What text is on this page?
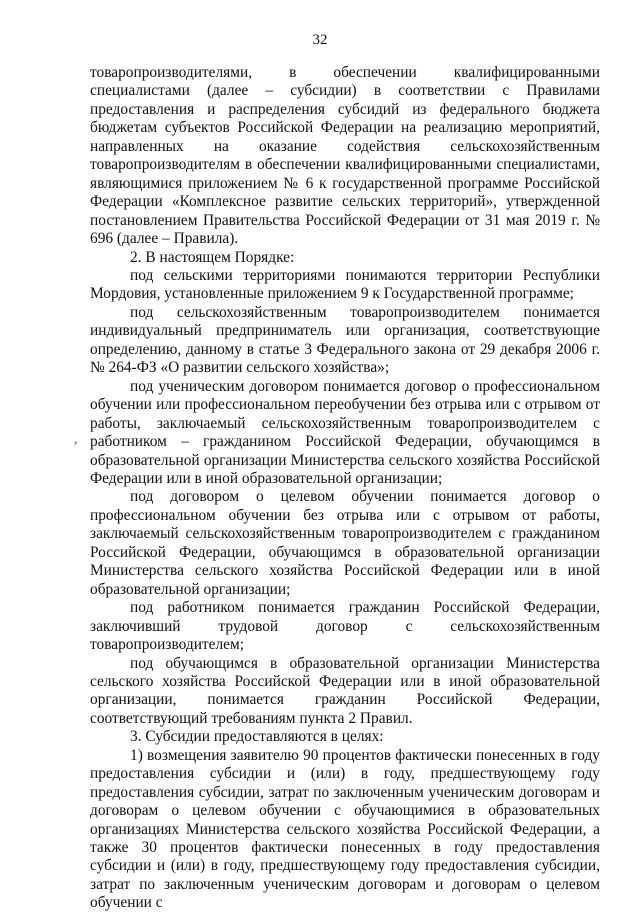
32
,

товаропроизводителями, в обеспечении квалифицированными специалистами (далее – субсидии) в соответствии с Правилами предоставления и распределения субсидий из федерального бюджета бюджетам субъектов Российской Федерации на реализацию мероприятий, направленных на оказание содействия сельскохозяйственным товаропроизводителям в обеспечении квалифицированными специалистами, являющимися приложением № 6 к государственной программе Российской Федерации «Комплексное развитие сельских территорий», утвержденной постановлением Правительства Российской Федерации от 31 мая 2019 г. № 696 (далее – Правила).

2. В настоящем Порядке:

под сельскими территориями понимаются территории Республики Мордовия, установленные приложением 9 к Государственной программе;

под сельскохозяйственным товаропроизводителем понимается индивидуальный предприниматель или организация, соответствующие определению, данному в статье 3 Федерального закона от 29 декабря 2006 г. № 264-ФЗ «О развитии сельского хозяйства»;

под ученическим договором понимается договор о профессиональном обучении или профессиональном переобучении без отрыва или с отрывом от работы, заключаемый сельскохозяйственным товаропроизводителем с работником – гражданином Российской Федерации, обучающимся в образовательной организации Министерства сельского хозяйства Российской Федерации или в иной образовательной организации;

под договором о целевом обучении понимается договор о профессиональном обучении без отрыва или с отрывом от работы, заключаемый сельскохозяйственным товаропроизводителем с гражданином Российской Федерации, обучающимся в образовательной организации Министерства сельского хозяйства Российской Федерации или в иной образовательной организации;

под работником понимается гражданин Российской Федерации, заключивший трудовой договор с сельскохозяйственным товаропроизводителем;

под обучающимся в образовательной организации Министерства сельского хозяйства Российской Федерации или в иной образовательной организации, понимается гражданин Российской Федерации, соответствующий требованиям пункта 2 Правил.

3. Субсидии предоставляются в целях:

1) возмещения заявителю 90 процентов фактически понесенных в году предоставления субсидии и (или) в году, предшествующему году предоставления субсидии, затрат по заключенным ученическим договорам и договорам о целевом обучении с обучающимися в образовательных организациях Министерства сельского хозяйства Российской Федерации, а также 30 процентов фактически понесенных в году предоставления субсидии и (или) в году, предшествующему году предоставления субсидии, затрат по заключенным ученическим договорам и договорам о целевом обучении с
